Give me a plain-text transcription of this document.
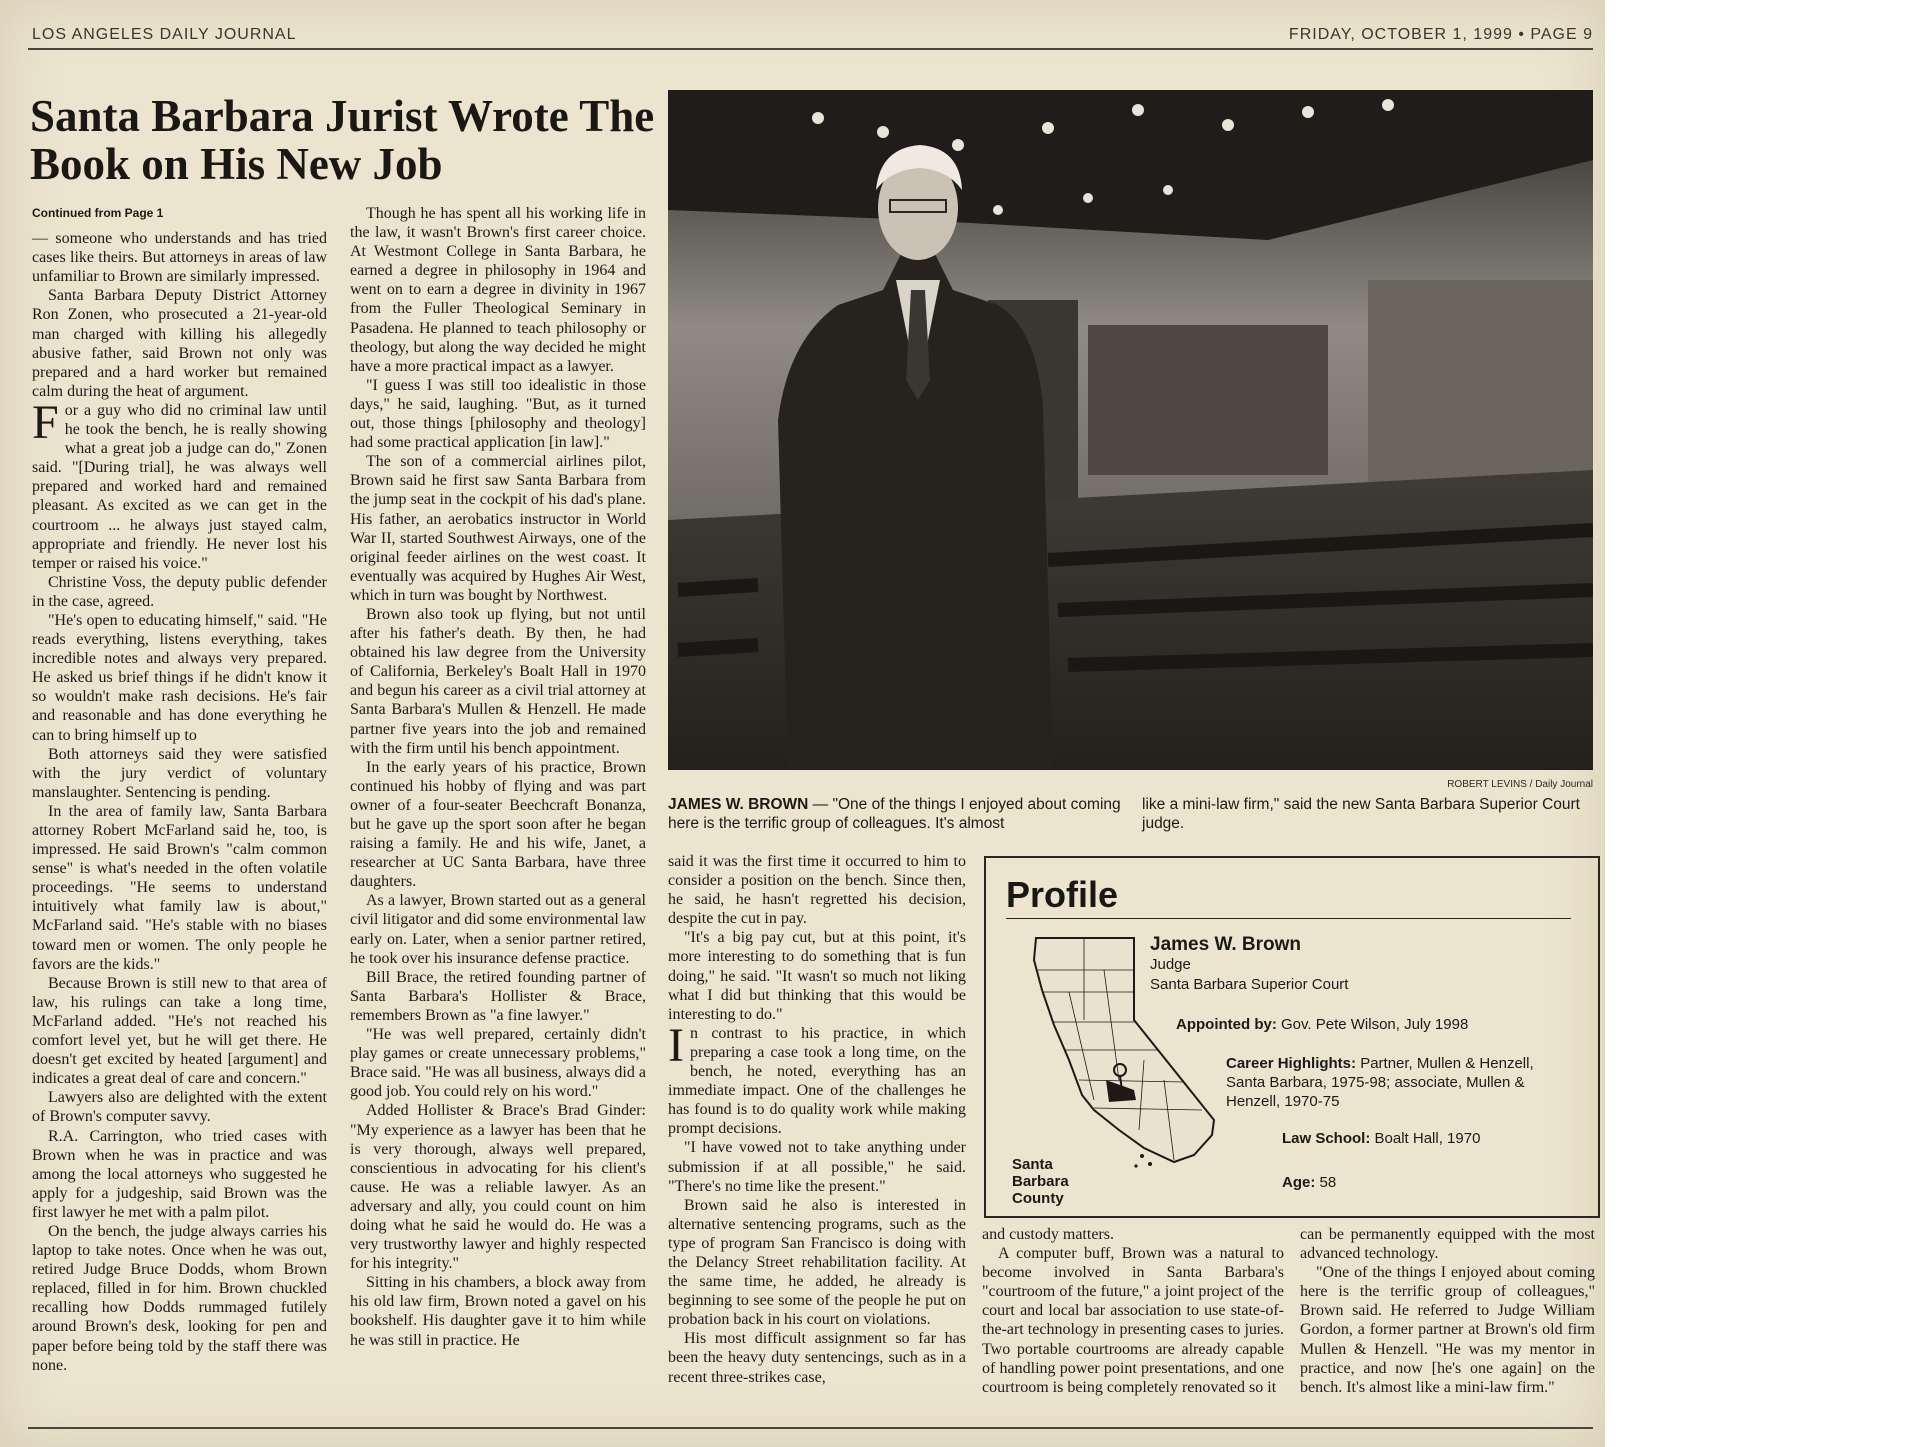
LOS ANGELES DAILY JOURNAL	FRIDAY, OCTOBER 1, 1999 • PAGE 9
Santa Barbara Jurist Wrote The Book on His New Job
Continued from Page 1

— someone who understands and has tried cases like theirs. But attorneys in areas of law unfamiliar to Brown are similarly impressed.

Santa Barbara Deputy District Attorney Ron Zonen, who prosecuted a 21-year-old man charged with killing his allegedly abusive father, said Brown not only was prepared and a hard worker but remained calm during the heat of argument.

For a guy who did no criminal law until he took the bench, he is really showing what a great job a judge can do," Zonen said. "[During trial], he was always well prepared and worked hard and remained pleasant. As excited as we can get in the courtroom ... he always just stayed calm, appropriate and friendly. He never lost his temper or raised his voice."

Christine Voss, the deputy public defender in the case, agreed.

"He's open to educating himself," said. "He reads everything, listens everything, takes incredible notes and always very prepared. He asked us brief things if he didn't know it so wouldn't make rash decisions. He's fair and reasonable and has done everything he can to bring himself up to

Both attorneys said they were satisfied with the jury verdict of voluntary manslaughter. Sentencing is pending.

In the area of family law, Santa Barbara attorney Robert McFarland said he, too, is impressed. He said Brown's "calm common sense" is what's needed in the often volatile proceedings. "He seems to understand intuitively what family law is about," McFarland said. "He's stable with no biases toward men or women. The only people he favors are the kids."

Because Brown is still new to that area of law, his rulings can take a long time, McFarland added. "He's not reached his comfort level yet, but he will get there. He doesn't get excited by heated [argument] and indicates a great deal of care and concern."

Lawyers also are delighted with the extent of Brown's computer savvy.

R.A. Carrington, who tried cases with Brown when he was in practice and was among the local attorneys who suggested he apply for a judgeship, said Brown was the first lawyer he met with a palm pilot.

On the bench, the judge always carries his laptop to take notes. Once when he was out, retired Judge Bruce Dodds, whom Brown replaced, filled in for him. Brown chuckled recalling how Dodds rummaged futilely around Brown's desk, looking for pen and paper before being told by the staff there was none.

Though he has spent all his working life in the law, it wasn't Brown's first career choice. At Westmont College in Santa Barbara, he earned a degree in philosophy in 1964 and went on to earn a degree in divinity in 1967 from the Fuller Theological Seminary in Pasadena. He planned to teach philosophy or theology, but along the way decided he might have a more practical impact as a lawyer.

"I guess I was still too idealistic in those days," he said, laughing. "But, as it turned out, those things [philosophy and theology] had some practical application [in law]."

The son of a commercial airlines pilot, Brown said he first saw Santa Barbara from the jump seat in the cockpit of his dad's plane. His father, an aerobatics instructor in World War II, started Southwest Airways, one of the original feeder airlines on the west coast. It eventually was acquired by Hughes Air West, which in turn was bought by Northwest.

Brown also took up flying, but not until after his father's death. By then, he had obtained his law degree from the University of California, Berkeley's Boalt Hall in 1970 and begun his career as a civil trial attorney at Santa Barbara's Mullen & Henzell. He made partner five years into the job and remained with the firm until his bench appointment.

In the early years of his practice, Brown continued his hobby of flying and was part owner of a four-seater Beechcraft Bonanza, but he gave up the sport soon after he began raising a family. He and his wife, Janet, a researcher at UC Santa Barbara, have three daughters.

As a lawyer, Brown started out as a general civil litigator and did some environmental law early on. Later, when a senior partner retired, he took over his insurance defense practice.

Bill Brace, the retired founding partner of Santa Barbara's Hollister & Brace, remembers Brown as "a fine lawyer."

"He was well prepared, certainly didn't play games or create unnecessary problems," Brace said. "He was all business, always did a good job. You could rely on his word."

Added Hollister & Brace's Brad Ginder: "My experience as a lawyer has been that he is very thorough, always well prepared, conscientious in advocating for his client's cause. He was a reliable lawyer. As an adversary and ally, you could count on him doing what he said he would do. He was a very trustworthy lawyer and highly respected for his integrity."

Sitting in his chambers, a block away from his old law firm, Brown noted a gavel on his bookshelf. His daughter gave it to him while he was still in practice. He

ROBERT LEVINS / Daily Journal
JAMES W. BROWN — "One of the things I enjoyed about coming here is the terrific group of colleagues. It's almost
like a mini-law firm," said the new Santa Barbara Superior Court judge.

said it was the first time it occurred to him to consider a position on the bench. Since then, he said, he hasn't regretted his decision, despite the cut in pay.

"It's a big pay cut, but at this point, it's more interesting to do something that is fun doing," he said. "It wasn't so much not liking what I did but thinking that this would be interesting to do."

In contrast to his practice, in which preparing a case took a long time, on the bench, he noted, everything has an immediate impact. One of the challenges he has found is to do quality work while making prompt decisions.

"I have vowed not to take anything under submission if at all possible," he said. "There's no time like the present."

Brown said he also is interested in alternative sentencing programs, such as the type of program San Francisco is doing with the Delancy Street rehabilitation facility. At the same time, he added, he already is beginning to see some of the people he put on probation back in his court on violations.

His most difficult assignment so far has been the heavy duty sentencings, such as in a recent three-strikes case,

Profile
Santa Barbara County
James W. Brown
Judge
Santa Barbara Superior Court
Appointed by: Gov. Pete Wilson, July 1998
Career Highlights: Partner, Mullen & Henzell, Santa Barbara, 1975-98; associate, Mullen & Henzell, 1970-75
Law School: Boalt Hall, 1970
Age: 58

and custody matters.

A computer buff, Brown was a natural to become involved in Santa Barbara's "courtroom of the future," a joint project of the court and local bar association to use state-of-the-art technology in presenting cases to juries. Two portable courtrooms are already capable of handling power point presentations, and one courtroom is being completely renovated so it

can be permanently equipped with the most advanced technology.

"One of the things I enjoyed about coming here is the terrific group of colleagues," Brown said. He referred to Judge William Gordon, a former partner at Brown's old firm Mullen & Henzell. "He was my mentor in practice, and now [he's one again] on the bench. It's almost like a mini-law firm."
